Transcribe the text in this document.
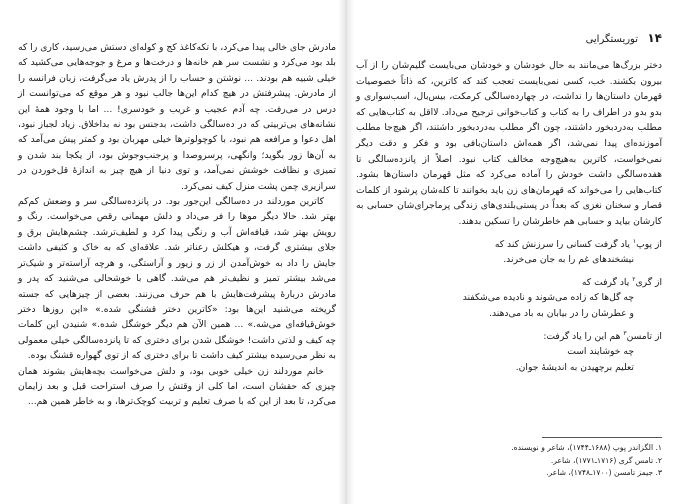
۱۴ توریستگرایی

دختر بزرگ‌ها می‌مانند به حال خودشان و خودشان می‌بایست گلیم‌شان را از آب بیرون بکشند. خب، کسی نمی‌بایست تعجب کند که کاترین، که ذاتاً خصوصیات قهرمان داستان‌ها را نداشت، در چهارده‌سالگی کرمکت، بیس‌بال، اسب‌سواری و بدو بدو در اطراف را به کتاب و کتاب‌خوانی ترجیح می‌داد. لااقل به کتاب‌هایی که مطلب به‌دردبخور داشتند، چون اگر مطلب به‌دردبخور داشتند، اگر هیچ‌جا مطلب آموزنده‌ای پیدا نمی‌شد، اگر همه‌اش داستان‌بافی بود و فکر و دقت دیگر نمی‌خواست، کاترین به‌هیچ‌وجه مخالف کتاب نبود. اصلاً از پانزده‌سالگی تا هفده‌سالگی داشت خودش را آماده می‌کرد که مثل قهرمان داستان‌ها بشود. کتاب‌هایی را می‌خواند که قهرمان‌های زن باید بخوانند تا کله‌شان پرشود از کلمات قصار و سخنان نغزی که بعداً در پستی‌بلندی‌های زندگی پرماجرای‌شان حسابی به کارشان بیاید و حسابی هم خاطرشان را تسکین بدهند.

از پوپ$^۱$ یاد گرفت کسانی را سرزنش کند که
نیشخندهای غم را به جان می‌خرند.
از گری$^۲$ یاد گرفت که
چه گل‌ها که زاده می‌شوند و نادیده می‌شکفند
و عطرشان را در بیابان به باد می‌دهند.
از تامسن$^۳$ هم این را یاد گرفت:
چه خوشایند است
تعلیم برچهیدن به اندیشهٔ جوان.
۱. الگزاندر پوپ (۱۶۸۸ـ۱۷۴۴)، شاعر و نویسنده.
۲. تامس گری (۱۷۱۶ـ۱۷۷۱)، شاعر.
۳. جیمز تامسن (۱۷۰۰ـ۱۷۴۸)، شاعر.

مادرش جای خالی پیدا می‌کرد، با تکه‌کاغذ کج و کوله‌ای دستش می‌رسید، کاری را که بلد بود می‌کرد و نشست سر هم خانه‌ها و درخت‌ها و مرغ و جوجه‌هایی می‌کشید که خیلی شبیه هم بودند. ... نوشتن و حساب را از پدرش یاد می‌گرفت، زبان فرانسه را از مادرش. پیشرفتش در هیچ کدام این‌ها جالب نبود و هر موقع که می‌توانست از درس در می‌رفت. چه آدم عجیب و غریب و خودسری! ... اما با وجود همهٔ این نشانه‌های بی‌تربیتی که در ده‌سالگی داشت، بدجنس بود نه بداخلاق. زیاد لجباز نبود، اهل دعوا و مرافعه هم نبود، با کوچولوترها خیلی مهربان بود و کمتر پیش می‌آمد که به آن‌ها زور بگوید؛ وانگهی، پرسروصدا و پرجنب‌وجوش بود، از یکجا بند شدن و تمیزی و نظافت خوشش نمی‌آمد، و توی دنیا از هیچ چیز به اندازهٔ قل‌خوردن در سرازیری چمن پشت منزل کیف نمی‌کرد.

کاترین موردلند در ده‌سالگی این‌جور بود. در پانزده‌سالگی سر و وضعش کم‌کم بهتر شد. حالا دیگر موها را فر می‌داد و دلش مهمانی رقص می‌خواست. رنگ و رویش بهتر شد، قیافه‌اش آب و رنگی پیدا کرد و لطیف‌ترشد. چشم‌هایش برق و جلای بیشتری گرفت، و هیکلش رعناتر شد. علاقه‌ای که به خاک و کثیفی داشت جایش را داد به خوش‌آمدن از زر و زیور و آراستگی، و هرچه آراسته‌تر و شیک‌تر می‌شد بیشتر تمیز و نظیف‌تر هم می‌شد. گاهی با خوشحالی می‌شنید که پدر و مادرش دربارهٔ پیشرفت‌هایش با هم حرف می‌زنند. بعضی از چیزهایی که جسته گریخته می‌شنید این‌ها بود: «کاترین دختر قشنگی شده.» «این روزها دختر خوش‌قیافه‌ای می‌شه.» ... همین الآن هم دیگر خوشگل شده.» شنیدن این کلمات چه کیف و لذتی داشت! خوشگل شدن برای دختری که تا پانزده‌سالگی خیلی معمولی به نظر می‌رسیده بیشتر کیف داشت تا برای دختری که از توی گهواره قشنگ بوده.

خانم موردلند زن خیلی خوبی بود، و دلش می‌خواست بچه‌هایش بشوند همان چیزی که حقشان است، اما کلی از وقتش را صرف استراحت قبل و بعد زایمان می‌کرد، تا بعد از این که با صرف تعلیم و تربیت کوچک‌ترها، و به خاطر همین هم...
